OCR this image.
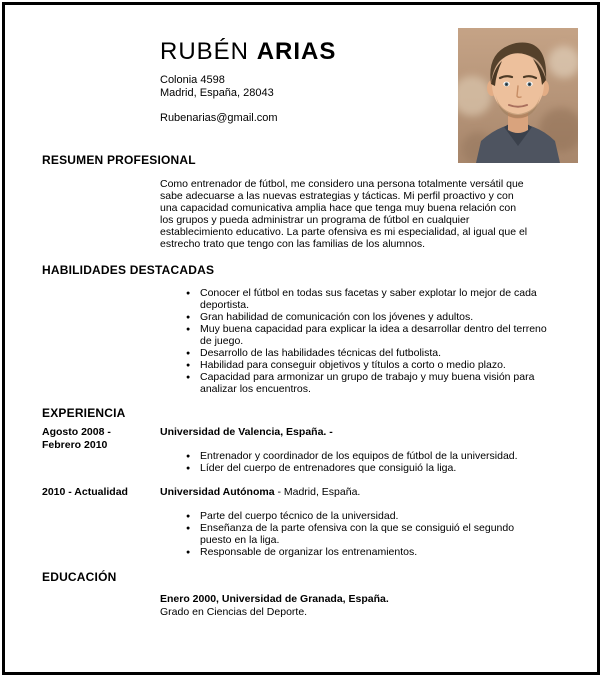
RUBÉN ARIAS

Colonia 4598
Madrid, España, 28043

Rubenarias@gmail.com

RESUMEN PROFESIONAL

Como entrenador de fútbol, me considero una persona totalmente versátil que sabe adecuarse a las nuevas estrategias y tácticas. Mi perfil proactivo y con una capacidad comunicativa amplia hace que tenga muy buena relación con los grupos y pueda administrar un programa de fútbol en cualquier establecimiento educativo. La parte ofensiva es mi especialidad, al igual que el estrecho trato que tengo con las familias de los alumnos.

HABILIDADES DESTACADAS
● Conocer el fútbol en todas sus facetas y saber explotar lo mejor de cada deportista.
● Gran habilidad de comunicación con los jóvenes y adultos.
● Muy buena capacidad para explicar la idea a desarrollar dentro del terreno de juego.
● Desarrollo de las habilidades técnicas del futbolista.
● Habilidad para conseguir objetivos y títulos a corto o medio plazo.
● Capacidad para armonizar un grupo de trabajo y muy buena visión para analizar los encuentros.
EXPERIENCIA
Agosto 2008 - Febrero 2010

Universidad de Valencia, España. -

● Entrenador y coordinador de los equipos de fútbol de la universidad.
● Líder del cuerpo de entrenadores que consiguió la liga.
2010 - Actualidad	Universidad Autónoma - Madrid, España.

● Parte del cuerpo técnico de la universidad.
● Enseñanza de la parte ofensiva con la que se consiguió el segundo puesto en la liga.
● Responsable de organizar los entrenamientos.
EDUCACIÓN
Enero 2000, Universidad de Granada, España.
Grado en Ciencias del Deporte.
